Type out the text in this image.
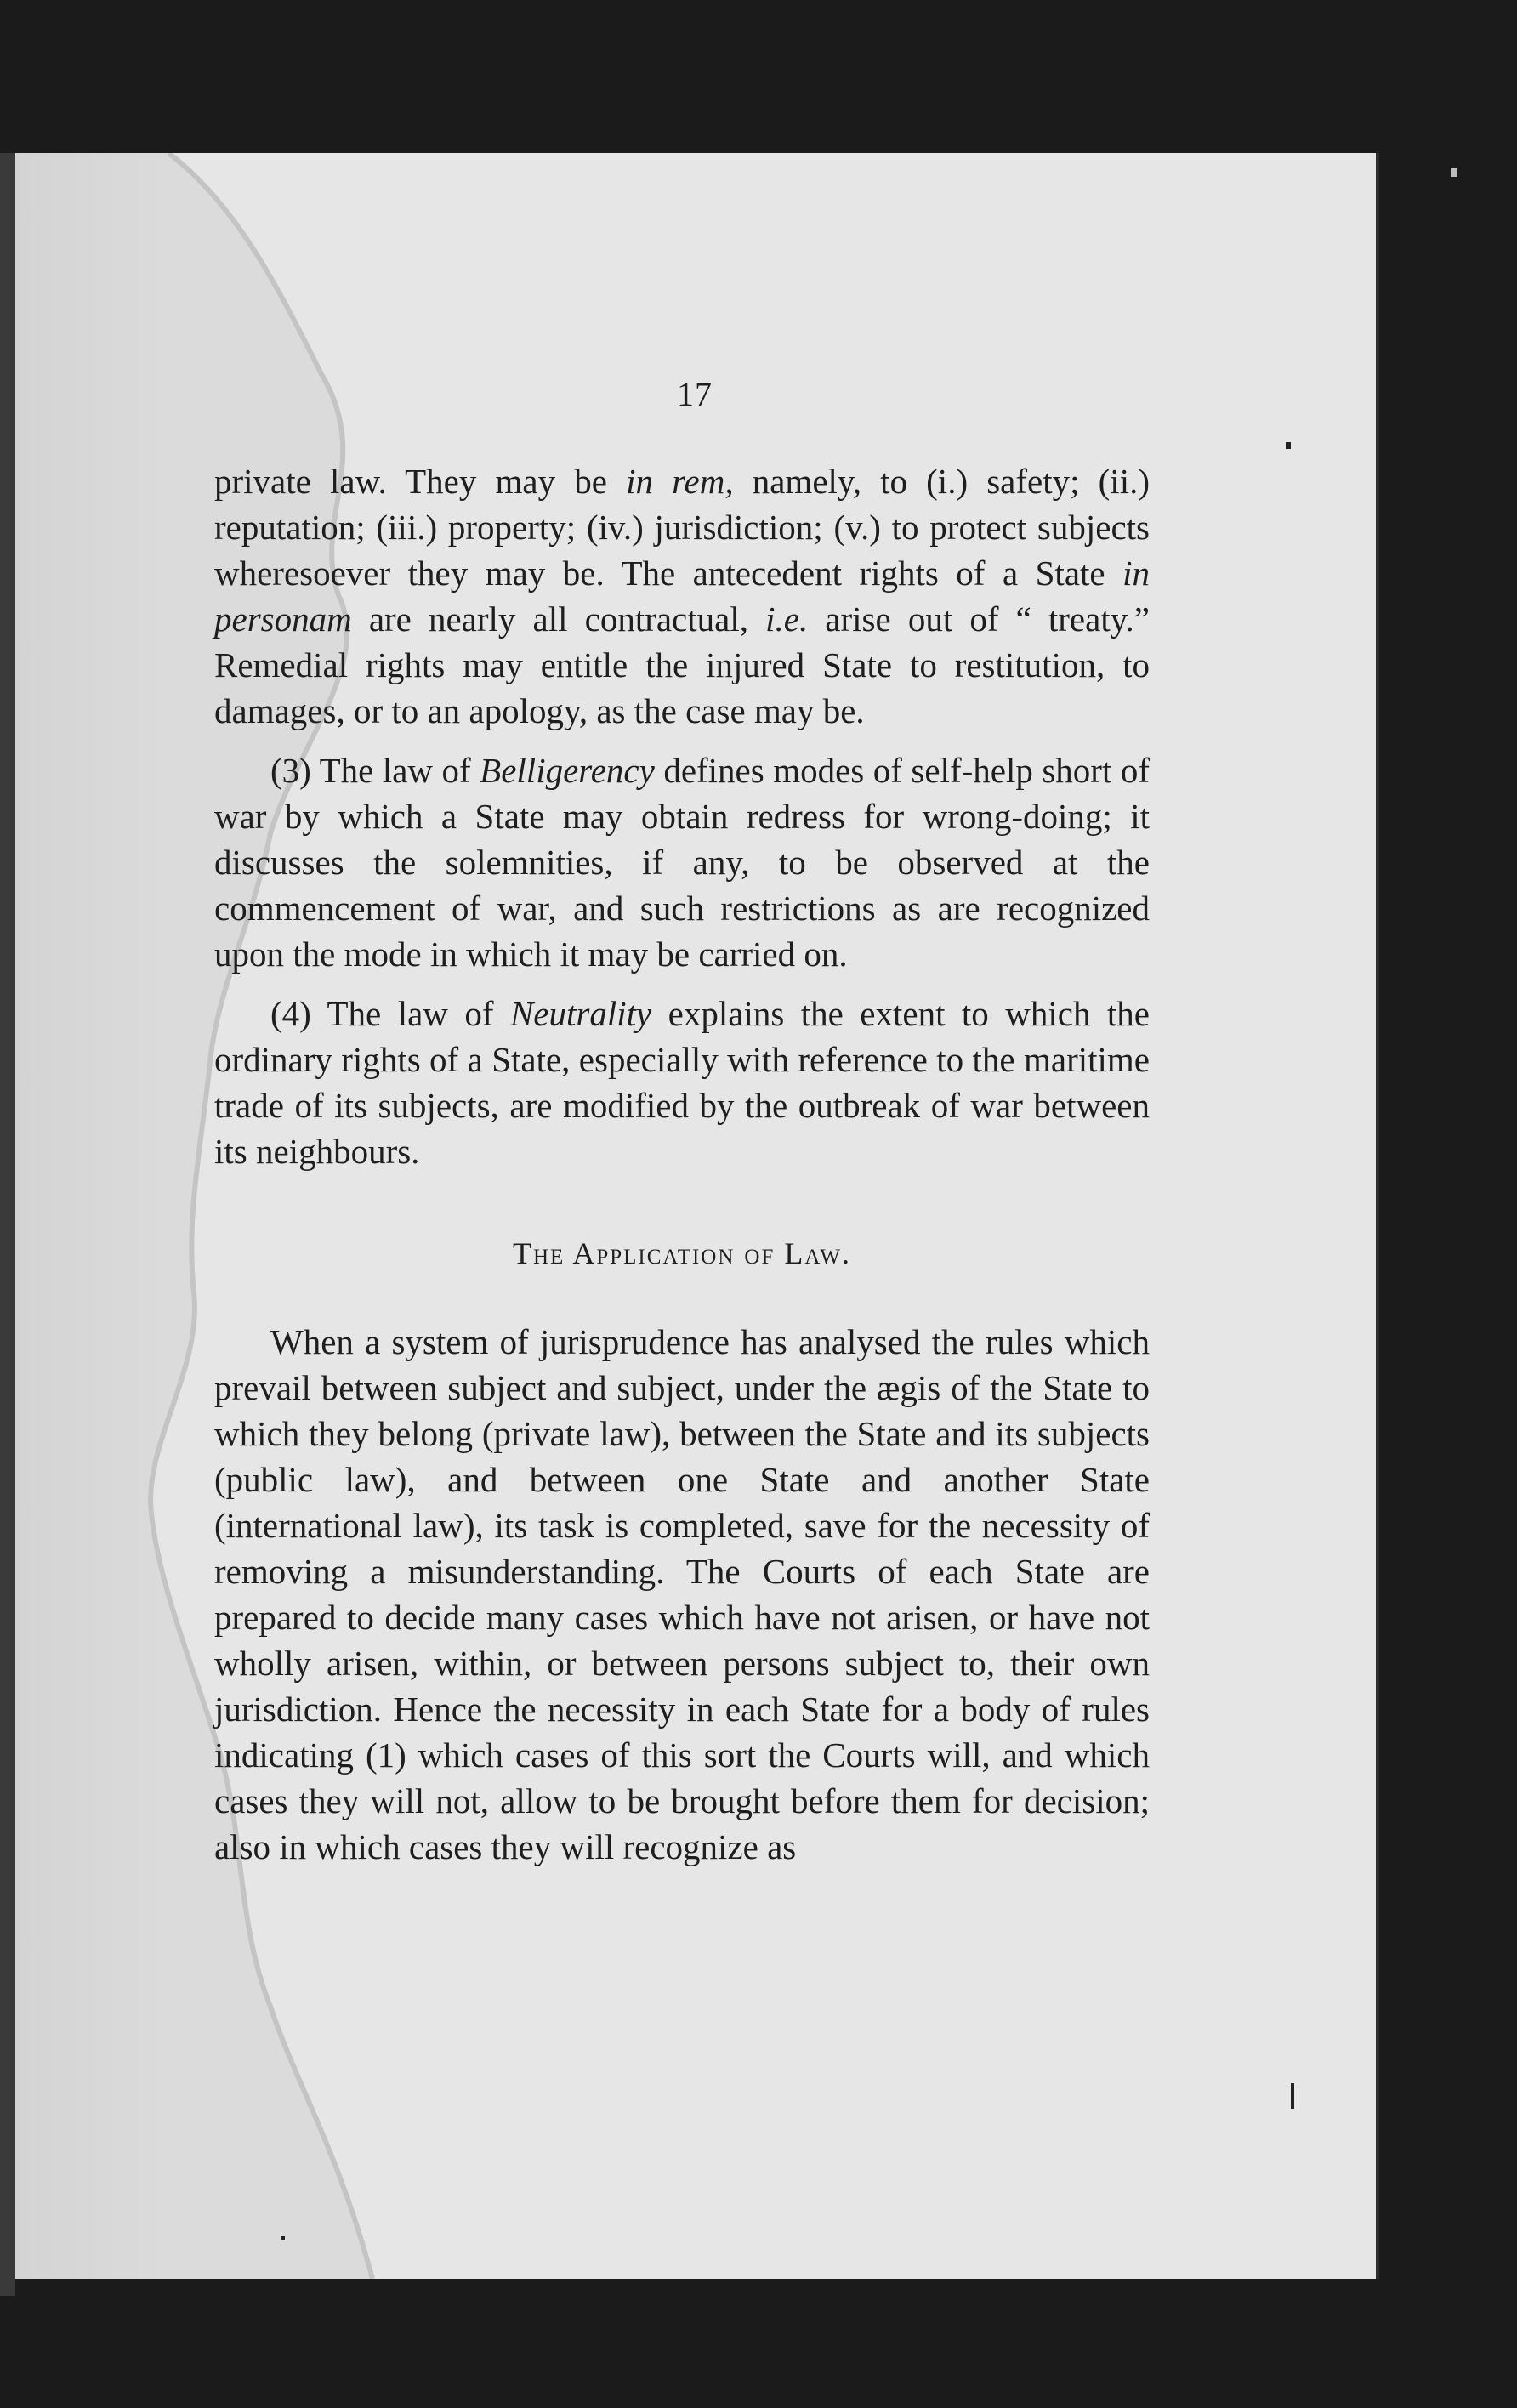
17

private law. They may be in rem, namely, to (i.) safety; (ii.) reputation; (iii.) property; (iv.) jurisdiction; (v.) to protect subjects wheresoever they may be. The antecedent rights of a State in personam are nearly all contractual, i.e. arise out of “ treaty.” Remedial rights may entitle the injured State to restitution, to damages, or to an apology, as the case may be.

(3) The law of Belligerency defines modes of self-help short of war by which a State may obtain redress for wrong-doing; it discusses the solemnities, if any, to be observed at the commencement of war, and such restrictions as are recognized upon the mode in which it may be carried on.

(4) The law of Neutrality explains the extent to which the ordinary rights of a State, especially with reference to the maritime trade of its subjects, are modified by the outbreak of war between its neighbours.

The Application of Law.

When a system of jurisprudence has analysed the rules which prevail between subject and subject, under the ægis of the State to which they belong (private law), between the State and its subjects (public law), and between one State and another State (international law), its task is completed, save for the necessity of removing a misunderstanding. The Courts of each State are prepared to decide many cases which have not arisen, or have not wholly arisen, within, or between persons subject to, their own jurisdiction. Hence the necessity in each State for a body of rules indicating (1) which cases of this sort the Courts will, and which cases they will not, allow to be brought before them for decision; also in which cases they will recognize as
